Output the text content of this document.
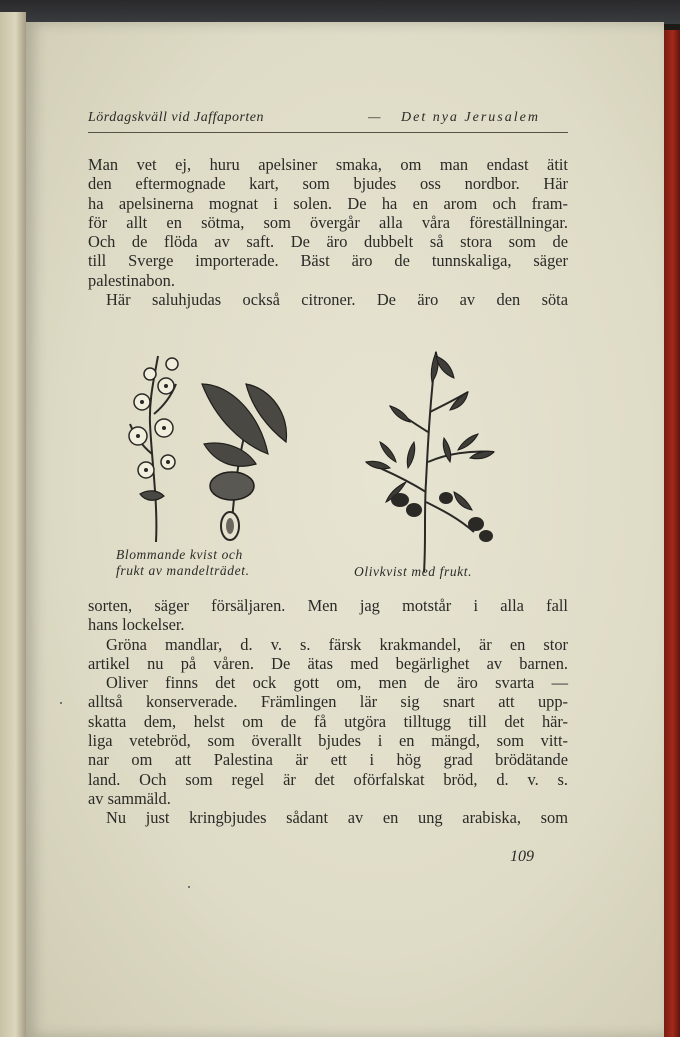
Lördagskväll vid Jaffaporten	— Det nya Jerusalem
Man vet ej, huru apelsiner smaka, om man endast ätit
den eftermognade kart, som bjudes oss nordbor. Här
ha apelsinerna mognat i solen. De ha en arom och fram-
för allt en sötma, som övergår alla våra föreställningar.
Och de flöda av saft. De äro dubbelt så stora som de
till Sverge importerade. Bäst äro de tunnskaliga, säger
palestinabon.
Här saluhjudas också citroner. De äro av den söta
Blommande kvist och
frukt av mandelträdet.	Olivkvist med frukt.
sorten, säger försäljaren. Men jag motstår i alla fall
hans lockelser.
Gröna mandlar, d. v. s. färsk krakmandel, är en stor
artikel nu på våren. De ätas med begärlighet av barnen.
Oliver finns det ock gott om, men de äro svarta —
alltså konserverade. Främlingen lär sig snart att upp-
skatta dem, helst om de få utgöra tilltugg till det här-
liga vetebröd, som överallt bjudes i en mängd, som vitt-
nar om att Palestina är ett i hög grad brödätande
land. Och som regel är det oförfalskat bröd, d. v. s.
av sammäld.
Nu just kringbjudes sådant av en ung arabiska, som
109
